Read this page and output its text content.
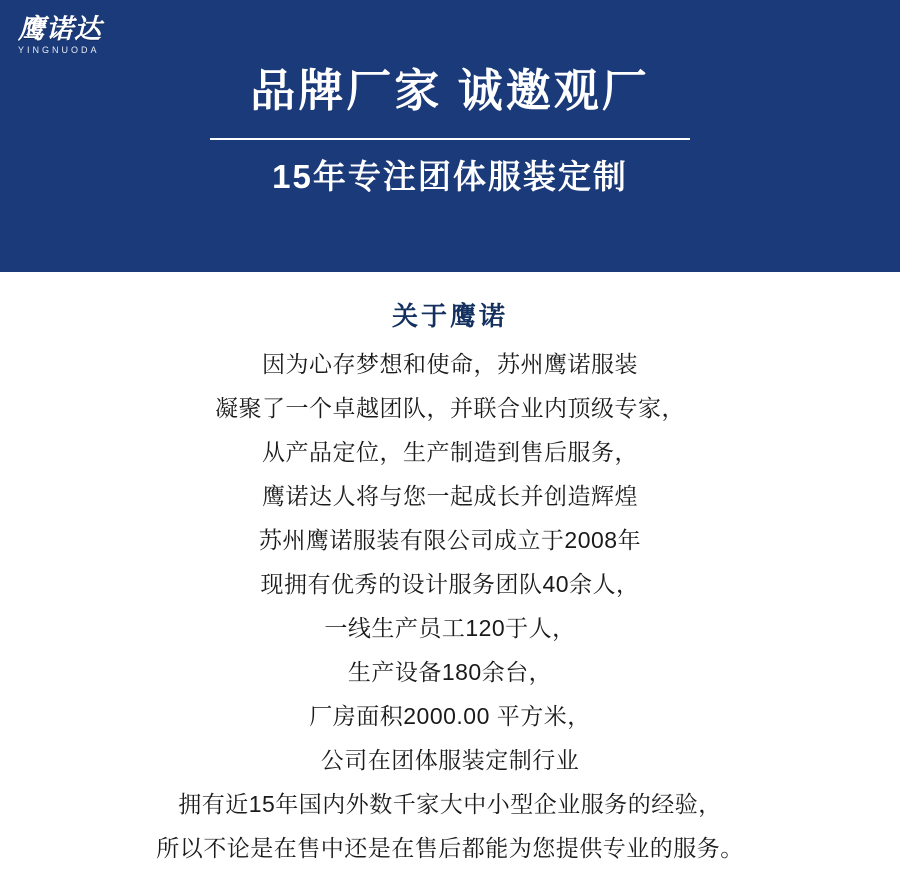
鹰诺达
YINGNUODA
品牌厂家 诚邀观厂
15年专注团体服装定制
关于鹰诺
因为心存梦想和使命，苏州鹰诺服装
凝聚了一个卓越团队，并联合业内顶级专家，
从产品定位，生产制造到售后服务，
鹰诺达人将与您一起成长并创造辉煌
苏州鹰诺服装有限公司成立于2008年
现拥有优秀的设计服务团队40余人，
一线生产员工120于人，
生产设备180余台，
厂房面积2000.00 平方米，
公司在团体服装定制行业
拥有近15年国内外数千家大中小型企业服务的经验，
所以不论是在售中还是在售后都能为您提供专业的服务。
